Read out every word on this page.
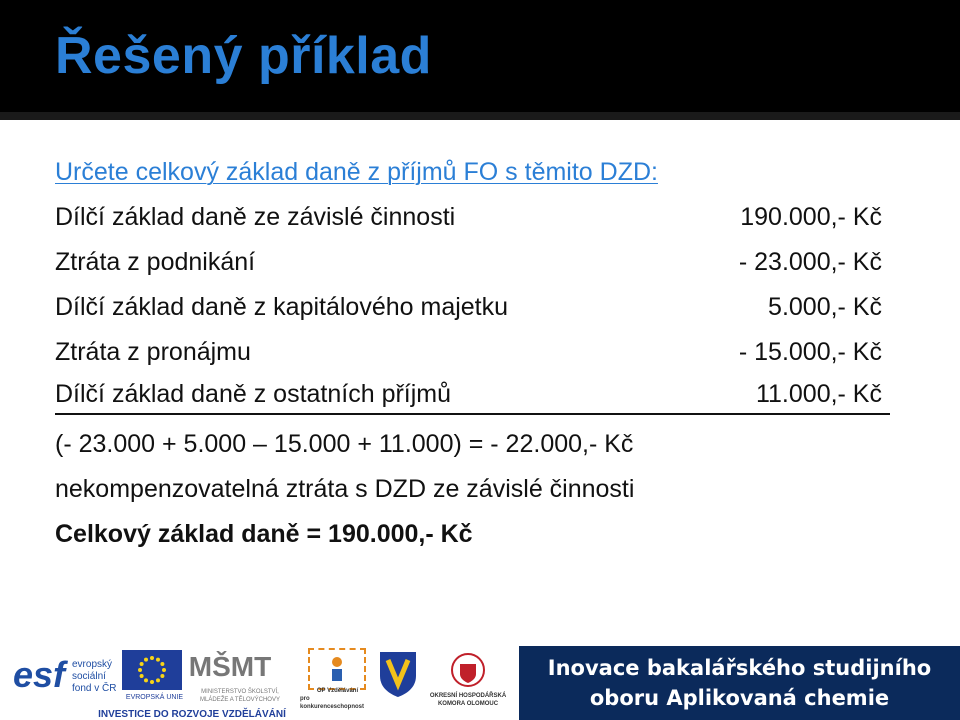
Řešený příklad
Určete celkový základ daně z příjmů FO s těmito DZD:
Dílčí základ daně ze závislé činnosti	190.000,- Kč
Ztráta z podnikání	- 23.000,- Kč
Dílčí základ daně z kapitálového majetku	5.000,- Kč
Ztráta z pronájmu	- 15.000,- Kč
Dílčí základ daně z ostatních příjmů	11.000,- Kč
(- 23.000 + 5.000 – 15.000 + 11.000) = - 22.000,- Kč
nekompenzovatelná ztráta s DZD ze závislé činnosti
Celkový základ daně = 190.000,- Kč
esf evropský
sociální
fond v ČR
EVROPSKÁ UNIE
MŠMT
MINISTERSTVO ŠKOLSTVÍ,
MLÁDEŽE A TĚLOVÝCHOVY
OP Vzdělávání
pro konkurenceschopnost
OKRESNÍ HOSPODÁŘSKÁ
KOMORA OLOMOUC
INVESTICE DO ROZVOJE VZDĚLÁVÁNÍ
Inovace bakalářského studijního
oboru Aplikovaná chemie
